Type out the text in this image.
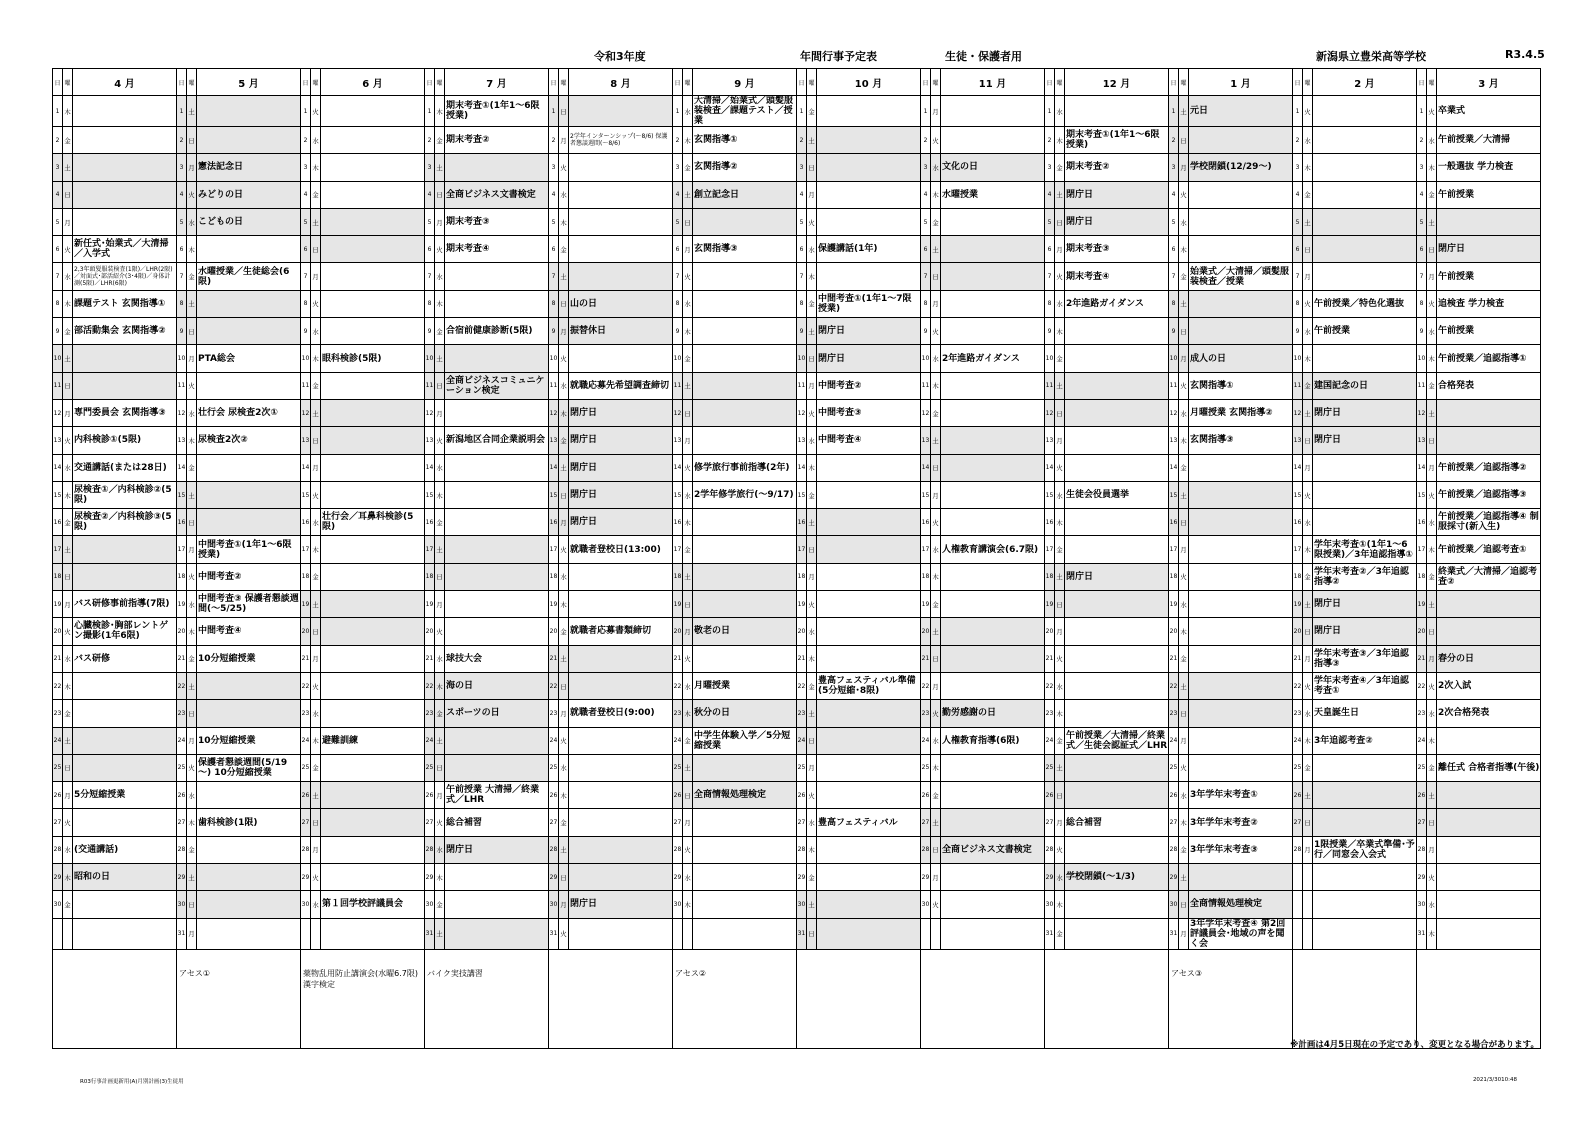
令和3年度	年間行事予定表	生徒・保護者用	新潟県立豊栄高等学校	R3.4.5
日	曜	4 月	日	曜	5 月	日	曜	6 月	日	曜	7 月	日	曜	8 月	日	曜	9 月	日	曜	10 月	日	曜	11 月	日	曜	12 月	日	曜	1 月	日	曜	2 月	日	曜	3 月
1	木		1	土		1	火		1	木	期末考査①(1年1～6限授業)	1	日		1	水	大清掃／始業式／頭髪服装検査／課題テスト／授業	1	金		1	月		1	水		1	土	元日	1	火		1	火	卒業式
2	金		2	日		2	水		2	金	期末考査②	2	月	2学年インターンシップ(～8/6) 保護者懇談週間(～8/6)	2	木	玄関指導①	2	土		2	火		2	木	期末考査①(1年1～6限授業)	2	日		2	水		2	水	午前授業／大清掃
3	土		3	月	憲法記念日	3	木		3	土		3	火		3	金	玄関指導②	3	日		3	水	文化の日	3	金	期末考査②	3	月	学校閉鎖(12/29～)	3	木		3	木	一般選抜 学力検査
4	日		4	火	みどりの日	4	金		4	日	全商ビジネス文書検定	4	水		4	土	創立記念日	4	月		4	木	水曜授業	4	土	閉庁日	4	火		4	金		4	金	午前授業
5	月		5	水	こどもの日	5	土		5	月	期末考査③	5	木		5	日		5	火		5	金		5	日	閉庁日	5	水		5	土		5	土	
6	火	新任式･始業式／大清掃／入学式	6	木		6	日		6	火	期末考査④	6	金		6	月	玄関指導③	6	水	保護講話(1年)	6	土		6	月	期末考査③	6	木		6	日		6	日	閉庁日
7	水	2,3年頭髪服装検査(1限)／LHR(2限)／対面式･部活紹介(3･4限)／身体計測(5限)／LHR(6限)	7	金	水曜授業／生徒総会(6限)	7	月		7	水		7	土		7	火		7	木		7	日		7	火	期末考査④	7	金	始業式／大清掃／頭髪服装検査／授業	7	月		7	月	午前授業
8	木	課題テスト 玄関指導①	8	土		8	火		8	木		8	日	山の日	8	水		8	金	中間考査①(1年1～7限授業)	8	月		8	水	2年進路ガイダンス	8	土		8	火	午前授業／特色化選抜	8	火	追検査 学力検査
9	金	部活動集会 玄関指導②	9	日		9	水		9	金	合宿前健康診断(5限)	9	月	振替休日	9	木		9	土	閉庁日	9	火		9	木		9	日		9	水	午前授業	9	水	午前授業
10	土		10	月	PTA総会	10	木	眼科検診(5限)	10	土		10	火		10	金		10	日	閉庁日	10	水	2年進路ガイダンス	10	金		10	月	成人の日	10	木		10	木	午前授業／追認指導①
11	日		11	火		11	金		11	日	全商ビジネスコミュニケーション検定	11	水	就職応募先希望調査締切	11	土		11	月	中間考査②	11	木		11	土		11	火	玄関指導①	11	金	建国記念の日	11	金	合格発表
12	月	専門委員会 玄関指導③	12	水	壮行会 尿検査2次①	12	土		12	月		12	木	閉庁日	12	日		12	火	中間考査③	12	金		12	日		12	水	月曜授業 玄関指導②	12	土	閉庁日	12	土	
13	火	内科検診①(5限)	13	木	尿検査2次②	13	日		13	火	新潟地区合同企業説明会	13	金	閉庁日	13	月		13	水	中間考査④	13	土		13	月		13	木	玄関指導③	13	日	閉庁日	13	日	
14	水	交通講話(または28日)	14	金		14	月		14	水		14	土	閉庁日	14	火	修学旅行事前指導(2年)	14	木		14	日		14	火		14	金		14	月		14	月	午前授業／追認指導②
15	木	尿検査①／内科検診②(5限)	15	土		15	火		15	木		15	日	閉庁日	15	水	2学年修学旅行(～9/17)	15	金		15	月		15	水	生徒会役員選挙	15	土		15	火		15	火	午前授業／追認指導③
16	金	尿検査②／内科検診③(5限)	16	日		16	水	壮行会／耳鼻科検診(5限)	16	金		16	月	閉庁日	16	木		16	土		16	火		16	木		16	日		16	水		16	水	午前授業／追認指導④ 制服採寸(新入生)
17	土		17	月	中間考査①(1年1～6限授業)	17	木		17	土		17	火	就職者登校日(13:00)	17	金		17	日		17	水	人権教育講演会(6.7限)	17	金		17	月		17	木	学年末考査①(1年1～6限授業)／3年追認指導①	17	木	午前授業／追認考査①
18	日		18	火	中間考査②	18	金		18	日		18	水		18	土		18	月		18	木		18	土	閉庁日	18	火		18	金	学年末考査②／3年追認指導②	18	金	終業式／大清掃／追認考査②
19	月	バス研修事前指導(7限)	19	水	中間考査③ 保護者懇談週間(～5/25)	19	土		19	月		19	木		19	日		19	火		19	金		19	日		19	水		19	土	閉庁日	19	土	
20	火	心臓検診･胸部レントゲン撮影(1年6限)	20	木	中間考査④	20	日		20	火		20	金	就職者応募書類締切	20	月	敬老の日	20	水		20	土		20	月		20	木		20	日	閉庁日	20	日	
21	水	バス研修	21	金	10分短縮授業	21	月		21	水	球技大会	21	土		21	火		21	木		21	日		21	火		21	金		21	月	学年末考査③／3年追認指導③	21	月	春分の日
22	木		22	土		22	火		22	木	海の日	22	日		22	水	月曜授業	22	金	豊高フェスティバル準備(5分短縮･8限)	22	月		22	水		22	土		22	火	学年末考査④／3年追認考査①	22	火	2次入試
23	金		23	日		23	水		23	金	スポーツの日	23	月	就職者登校日(9:00)	23	木	秋分の日	23	土		23	火	勤労感謝の日	23	木		23	日		23	水	天皇誕生日	23	水	2次合格発表
24	土		24	月	10分短縮授業	24	木	避難訓練	24	土		24	火		24	金	中学生体験入学／5分短縮授業	24	日		24	水	人権教育指導(6限)	24	金	午前授業／大清掃／終業式／生徒会認証式／LHR	24	月		24	木	3年追認考査②	24	木	
25	日		25	火	保護者懇談週間(5/19～) 10分短縮授業	25	金		25	日		25	水		25	土		25	月		25	木		25	土		25	火		25	金		25	金	離任式 合格者指導(午後)
26	月	5分短縮授業	26	水		26	土		26	月	午前授業 大清掃／終業式／LHR	26	木		26	日	全商情報処理検定	26	火		26	金		26	日		26	水	3年学年末考査①	26	土		26	土	
27	火		27	木	歯科検診(1限)	27	日		27	火	総合補習	27	金		27	月		27	水	豊高フェスティバル	27	土		27	月	総合補習	27	木	3年学年末考査②	27	日		27	日	
28	水	(交通講話)	28	金		28	月		28	水	閉庁日	28	土		28	火		28	木		28	日	全商ビジネス文書検定	28	火		28	金	3年学年末考査③	28	月	1限授業／卒業式準備･予行／同窓会入会式	28	月	
29	木	昭和の日	29	土		29	火		29	木		29	日		29	水		29	金		29	月		29	水	学校閉鎖(～1/3)	29	土					29	火	
30	金		30	日		30	水	第１回学校評議員会	30	金		30	月	閉庁日	30	木		30	土		30	火		30	木		30	日	全商情報処理検定				30	水	
			31	月					31	土		31	火					31	日					31	金		31	月	3年学年末考査④ 第2回評議員会･地域の声を聞く会				31	木	
			アセス①			薬物乱用防止講演会(水曜6.7限) 漢字検定			バイク実技講習						アセス②												アセス③								
※計画は4月5日現在の予定であり、変更となる場合があります。
R03行事計画更新用(A)月別計画(3)生徒用	2021/3/3010:48
